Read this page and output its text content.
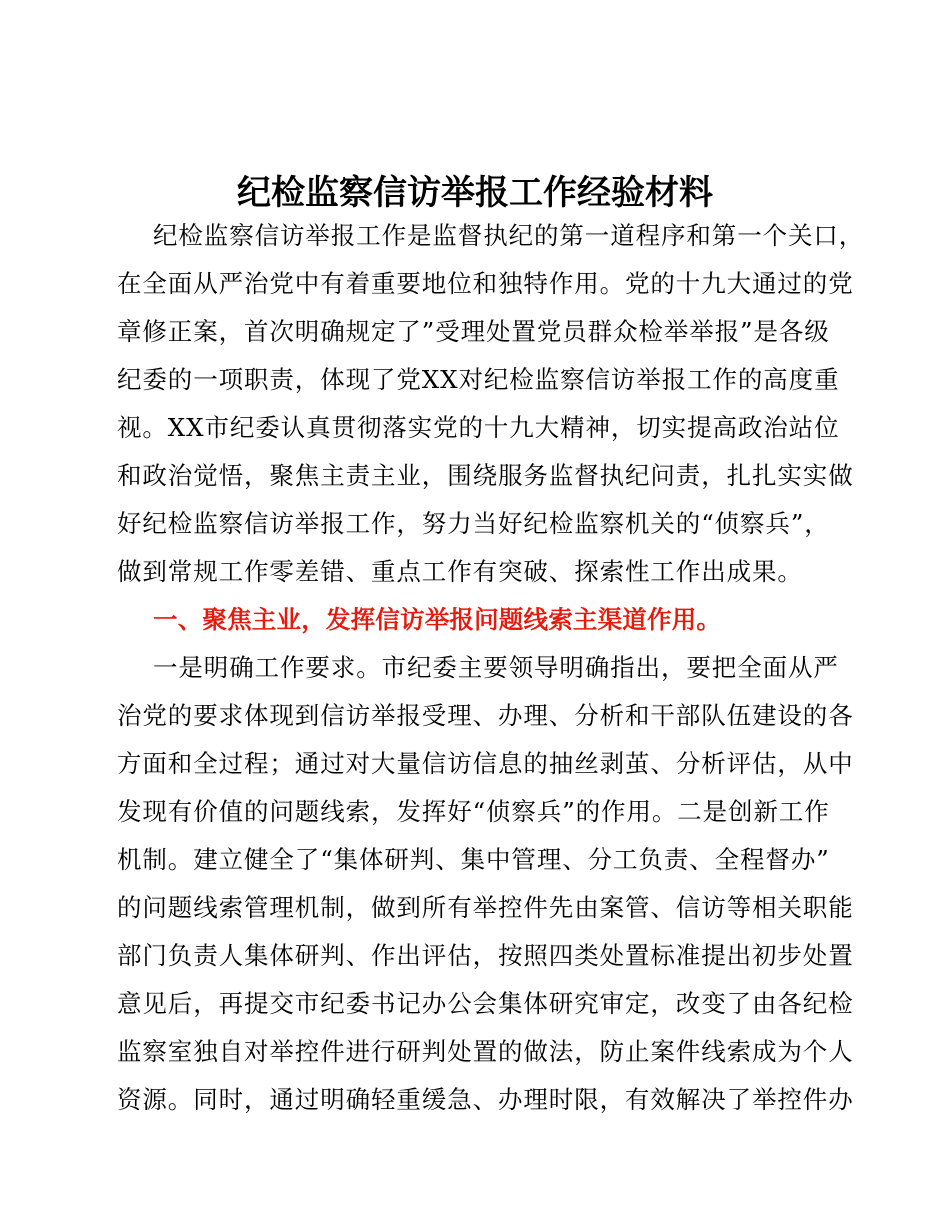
纪检监察信访举报工作经验材料
纪检监察信访举报工作是监督执纪的第一道程序和第一个关口，
在全面从严治党中有着重要地位和独特作用。党的十九大通过的党
章修正案，首次明确规定了”受理处置党员群众检举举报”是各级
纪委的一项职责，体现了党XX对纪检监察信访举报工作的高度重
视。XX市纪委认真贯彻落实党的十九大精神，切实提高政治站位
和政治觉悟，聚焦主责主业，围绕服务监督执纪问责，扎扎实实做
好纪检监察信访举报工作，努力当好纪检监察机关的“侦察兵”，
做到常规工作零差错、重点工作有突破、探索性工作出成果。
一、聚焦主业，发挥信访举报问题线索主渠道作用。
一是明确工作要求。市纪委主要领导明确指出，要把全面从严
治党的要求体现到信访举报受理、办理、分析和干部队伍建设的各
方面和全过程；通过对大量信访信息的抽丝剥茧、分析评估，从中
发现有价值的问题线索，发挥好“侦察兵”的作用。二是创新工作
机制。建立健全了“集体研判、集中管理、分工负责、全程督办”
的问题线索管理机制，做到所有举控件先由案管、信访等相关职能
部门负责人集体研判、作出评估，按照四类处置标准提出初步处置
意见后，再提交市纪委书记办公会集体研究审定，改变了由各纪检
监察室独自对举控件进行研判处置的做法，防止案件线索成为个人
资源。同时，通过明确轻重缓急、办理时限，有效解决了举控件办
